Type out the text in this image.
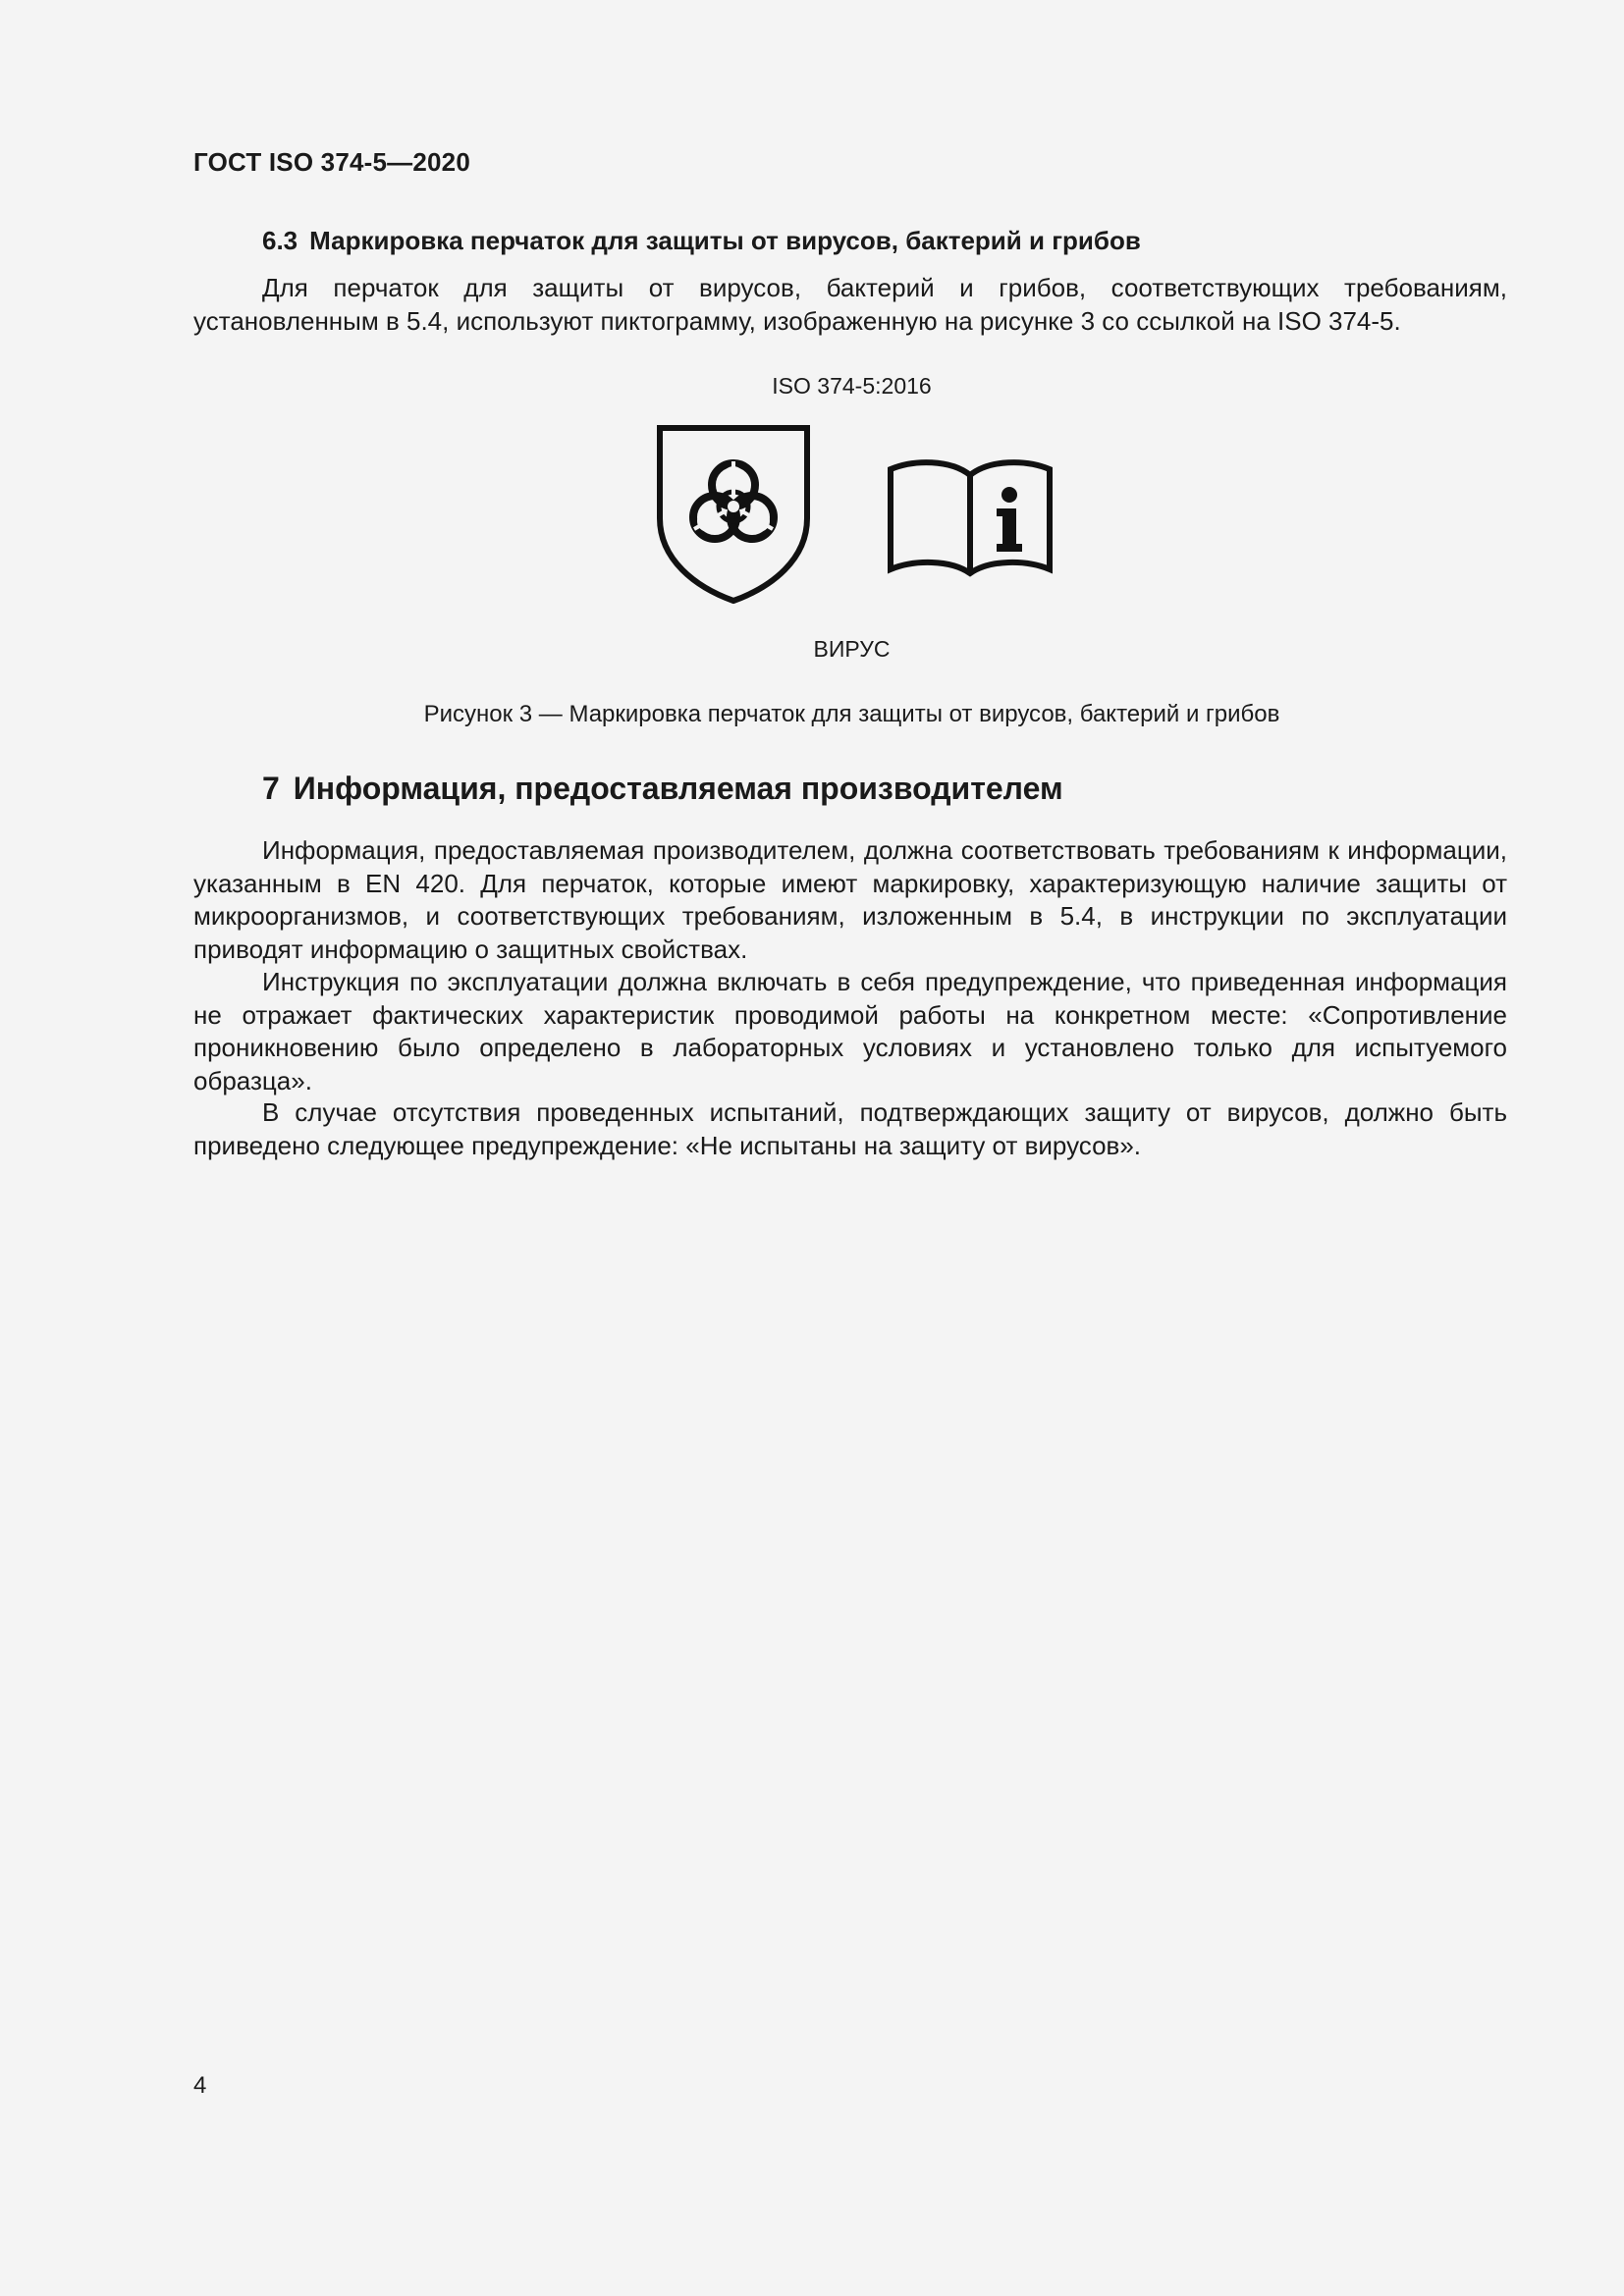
ГОСТ ISO 374-5—2020
6.3 Маркировка перчаток для защиты от вирусов, бактерий и грибов

Для перчаток для защиты от вирусов, бактерий и грибов, соответствующих требованиям, установленным в 5.4, используют пиктограмму, изображенную на рисунке 3 со ссылкой на ISO 374-5.

ISO 374-5:2016
ВИРУС
Рисунок 3 — Маркировка перчаток для защиты от вирусов, бактерий и грибов
7 Информация, предоставляемая производителем

Информация, предоставляемая производителем, должна соответствовать требованиям к информации, указанным в EN 420. Для перчаток, которые имеют маркировку, характеризующую наличие защиты от микроорганизмов, и соответствующих требованиям, изложенным в 5.4, в инструкции по эксплуатации приводят информацию о защитных свойствах.

Инструкция по эксплуатации должна включать в себя предупреждение, что приведенная информация не отражает фактических характеристик проводимой работы на конкретном месте: «Сопротивление проникновению было определено в лабораторных условиях и установлено только для испытуемого образца».

В случае отсутствия проведенных испытаний, подтверждающих защиту от вирусов, должно быть приведено следующее предупреждение: «Не испытаны на защиту от вирусов».

4
